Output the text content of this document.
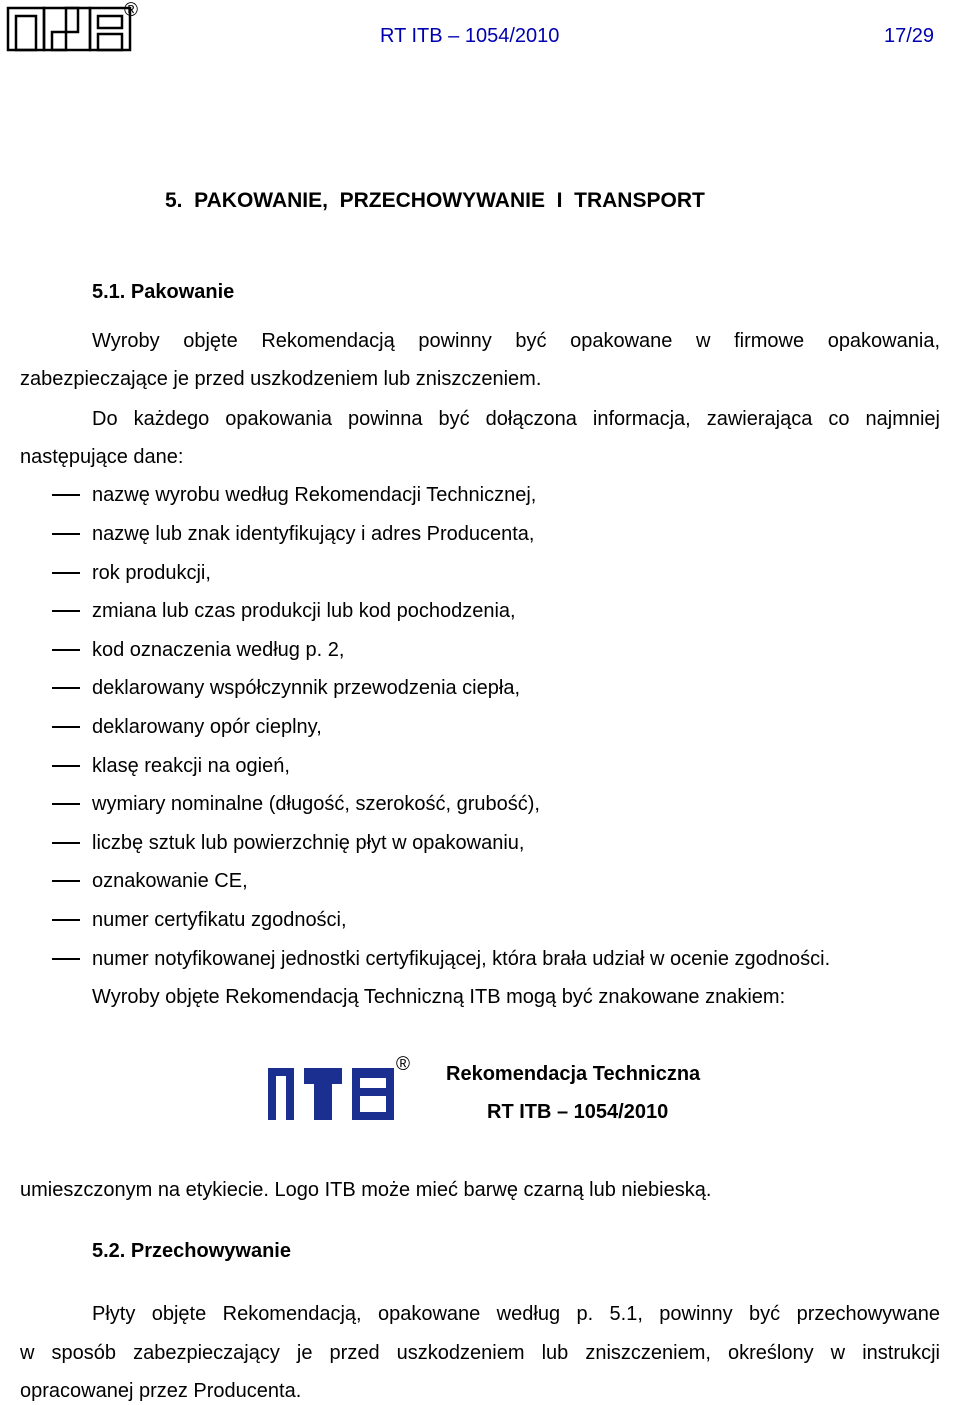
®
RT ITB – 1054/2010	17/29
5.  PAKOWANIE,  PRZECHOWYWANIE  I  TRANSPORT
5.1. Pakowanie
Wyroby objęte Rekomendacją powinny być opakowane w firmowe opakowania,
zabezpieczające je przed uszkodzeniem lub zniszczeniem.
Do każdego opakowania powinna być dołączona informacja, zawierająca co najmniej
następujące dane:
nazwę wyrobu według Rekomendacji Technicznej,
nazwę lub znak identyfikujący i adres Producenta,
rok produkcji,
zmiana lub czas produkcji lub kod pochodzenia,
kod oznaczenia według p. 2,
deklarowany współczynnik przewodzenia ciepła,
deklarowany opór cieplny,
klasę reakcji na ogień,
wymiary nominalne (długość, szerokość, grubość),
liczbę sztuk lub powierzchnię płyt w opakowaniu,
oznakowanie CE,
numer certyfikatu zgodności,
numer notyfikowanej jednostki certyfikującej, która brała udział w ocenie zgodności.
Wyroby objęte Rekomendacją Techniczną ITB mogą być znakowane znakiem:
® Rekomendacja Techniczna
RT ITB – 1054/2010
umieszczonym na etykiecie. Logo ITB może mieć barwę czarną lub niebieską.
5.2. Przechowywanie
Płyty objęte Rekomendacją, opakowane według p. 5.1, powinny być przechowywane
w sposób zabezpieczający je przed uszkodzeniem lub zniszczeniem, określony w instrukcji
opracowanej przez Producenta.
